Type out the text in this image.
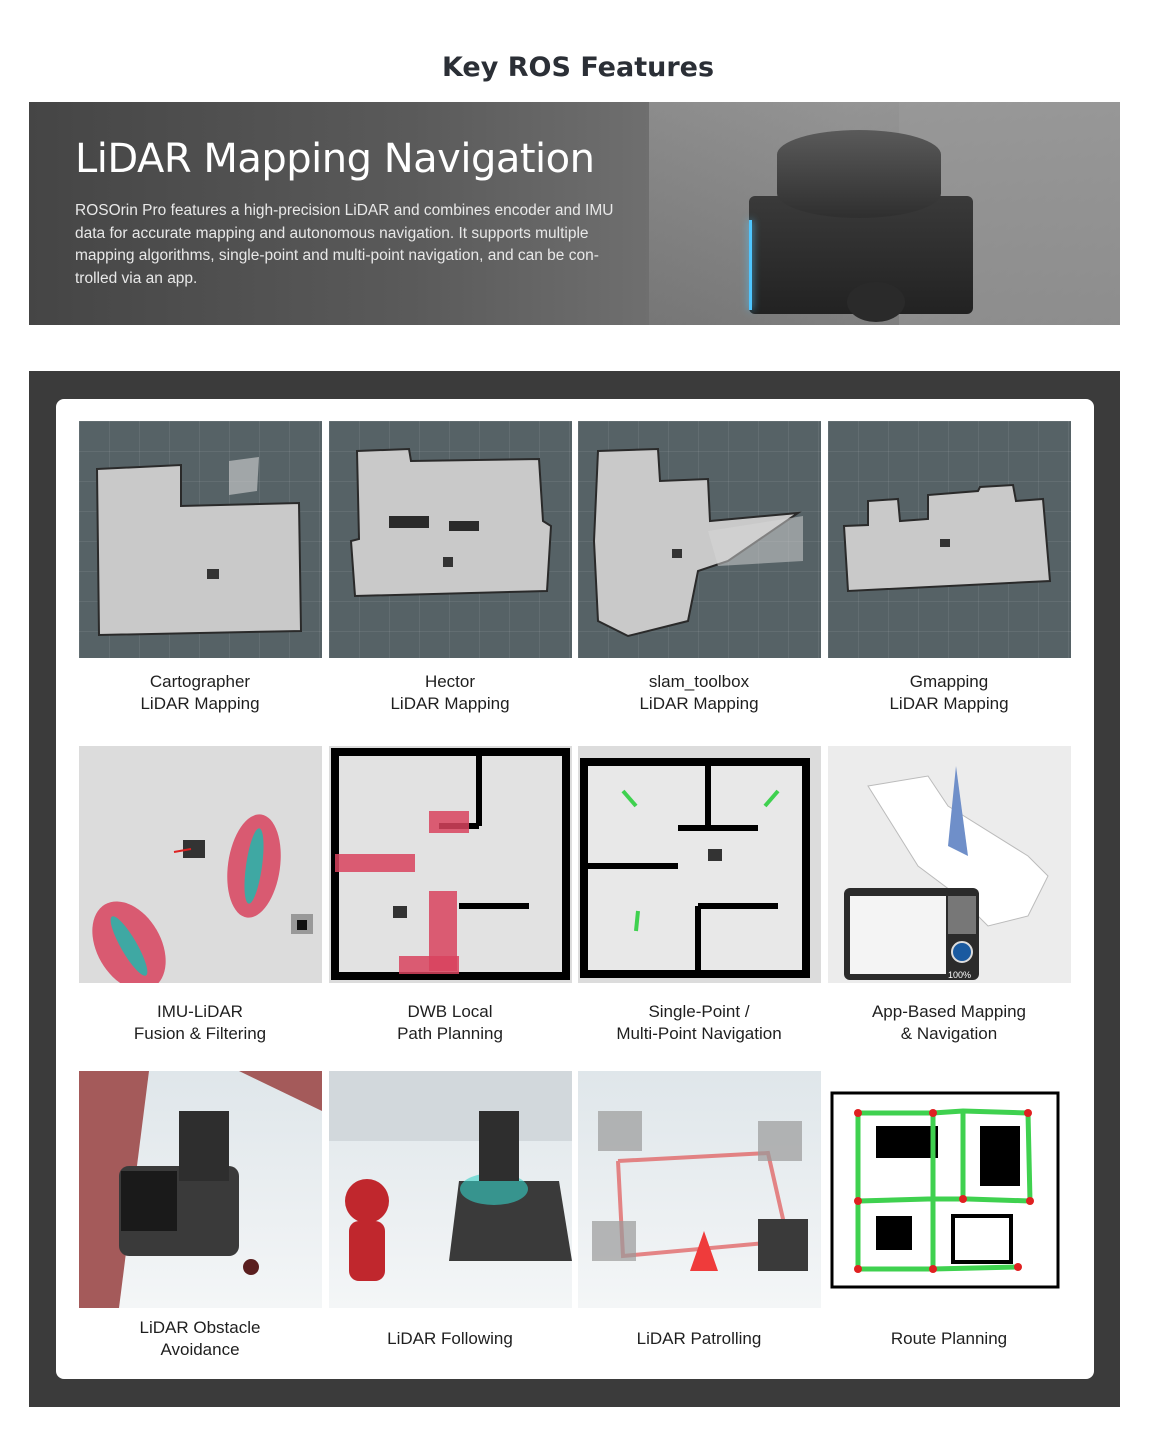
Key ROS Features
LiDAR Mapping Navigation

ROSOrin Pro features a high-precision LiDAR and combines encoder and IMU data for accurate mapping and autonomous navigation. It supports multiple mapping algorithms, single-point and multi-point navigation, and can be con-trolled via an app.

Cartographer
LiDAR Mapping
Hector
LiDAR Mapping
slam_toolbox
LiDAR Mapping
Gmapping
LiDAR Mapping
100%
IMU-LiDAR
Fusion & Filtering
DWB Local
Path Planning
Single-Point /
Multi-Point Navigation
App-Based Mapping
& Navigation
LiDAR Obstacle
Avoidance
LiDAR Following	LiDAR Patrolling	Route Planning
